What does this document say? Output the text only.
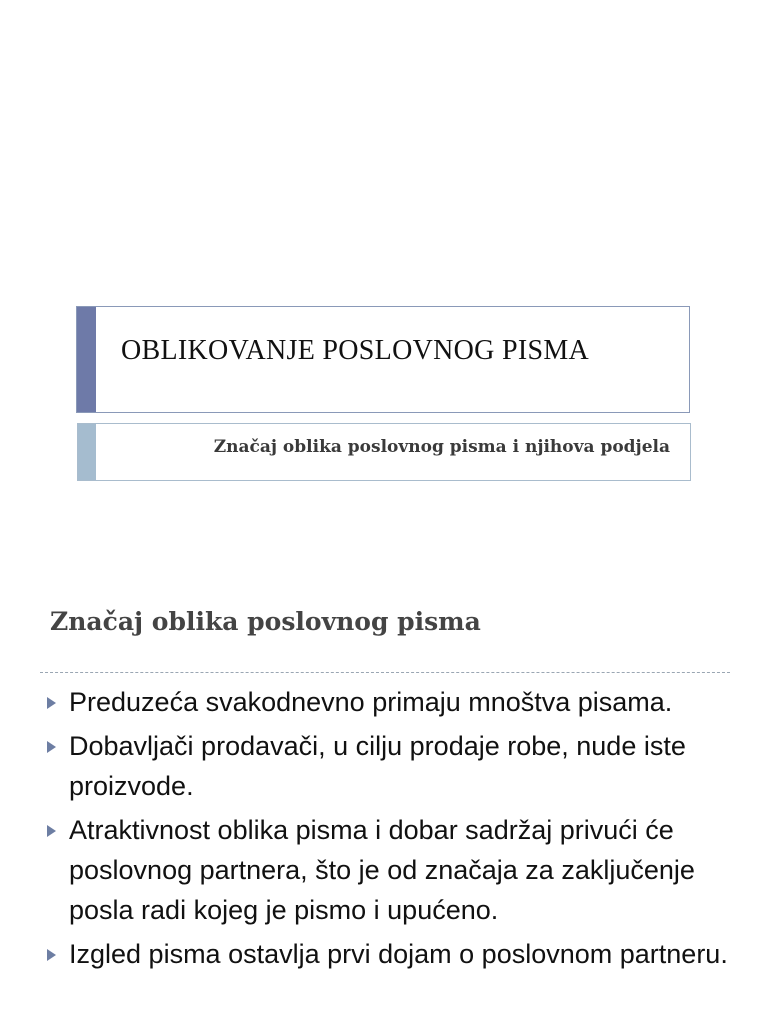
OBLIKOVANJE POSLOVNOG PISMA
Značaj oblika poslovnog pisma i njihova podjela
Značaj oblika poslovnog pisma
Preduzeća svakodnevno primaju mnoštva pisama.
Dobavljači prodavači, u cilju prodaje robe, nude iste proizvode.
Atraktivnost oblika pisma i dobar sadržaj privući će poslovnog partnera, što je od značaja za zaključenje posla radi kojeg je pismo i upućeno.
Izgled pisma ostavlja prvi dojam o poslovnom partneru.
